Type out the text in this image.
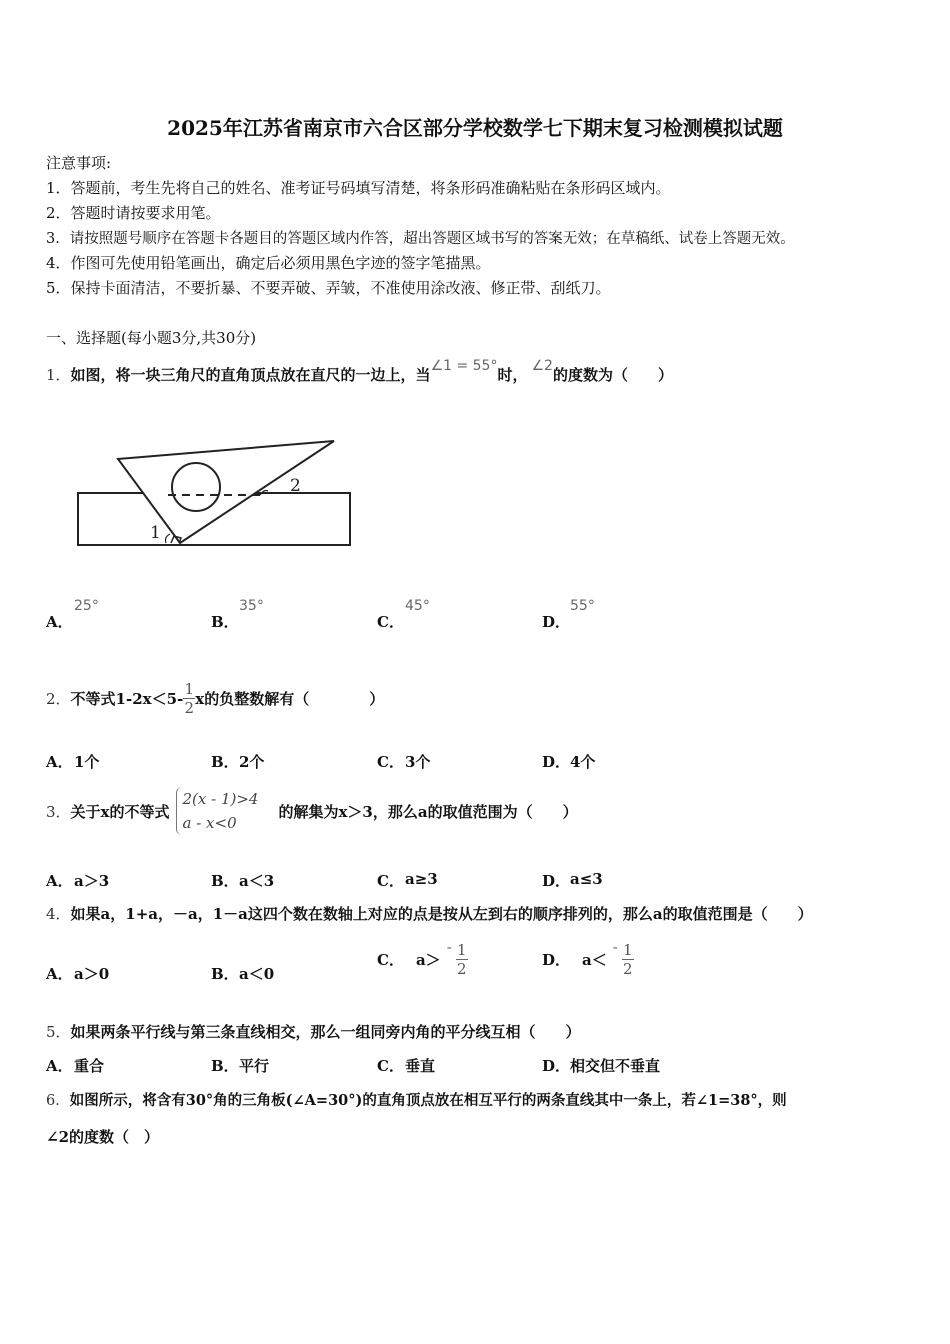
2025年江苏省南京市六合区部分学校数学七下期末复习检测模拟试题
注意事项:
1．答题前，考生先将自己的姓名、准考证号码填写清楚，将条形码准确粘贴在条形码区域内。
2．答题时请按要求用笔。
3．请按照题号顺序在答题卡各题目的答题区域内作答，超出答题区域书写的答案无效；在草稿纸、试卷上答题无效。
4．作图可先使用铅笔画出，确定后必须用黑色字迹的签字笔描黑。
5．保持卡面清洁，不要折暴、不要弄破、弄皱，不准使用涂改液、修正带、刮纸刀。
一、选择题(每小题3分,共30分)
1．如图，将一块三角尺的直角顶点放在直尺的一边上，当∠1 = 55°时， ∠2的度数为（　　）
1
2
A．
25°
B．
35°
C．
45°
D．
55°
2． 不等式$1-2x<5- \frac{1}{2}$ x的负整数解有（　　　　）
A． 1个	B． 2个	C． 3个	D． 4个
3． 关于x的不等式
2(x - 1)>4
a - x<0
的解集为x＞3，那么a的取值范围为（　　）
A． a＞3	B． a＜3	C． a≥3	D． a≤3
4．如果a，1+a，－a，1－a这四个数在数轴上对应的点是按从左到右的顺序排列的，那么a的取值范围是（　　）
A． a＞0	B． a＜0
C． a＞
- $\frac{1}{2}$	D． a＜
- $\frac{1}{2}$
5．如果两条平行线与第三条直线相交，那么一组同旁内角的平分线互相（　　）
A． 重合	B． 平行	C． 垂直	D． 相交但不垂直
6．如图所示，将含有30°角的三角板(∠A=30°)的直角顶点放在相互平行的两条直线其中一条上，若∠1=38°，则
∠2的度数（　）
